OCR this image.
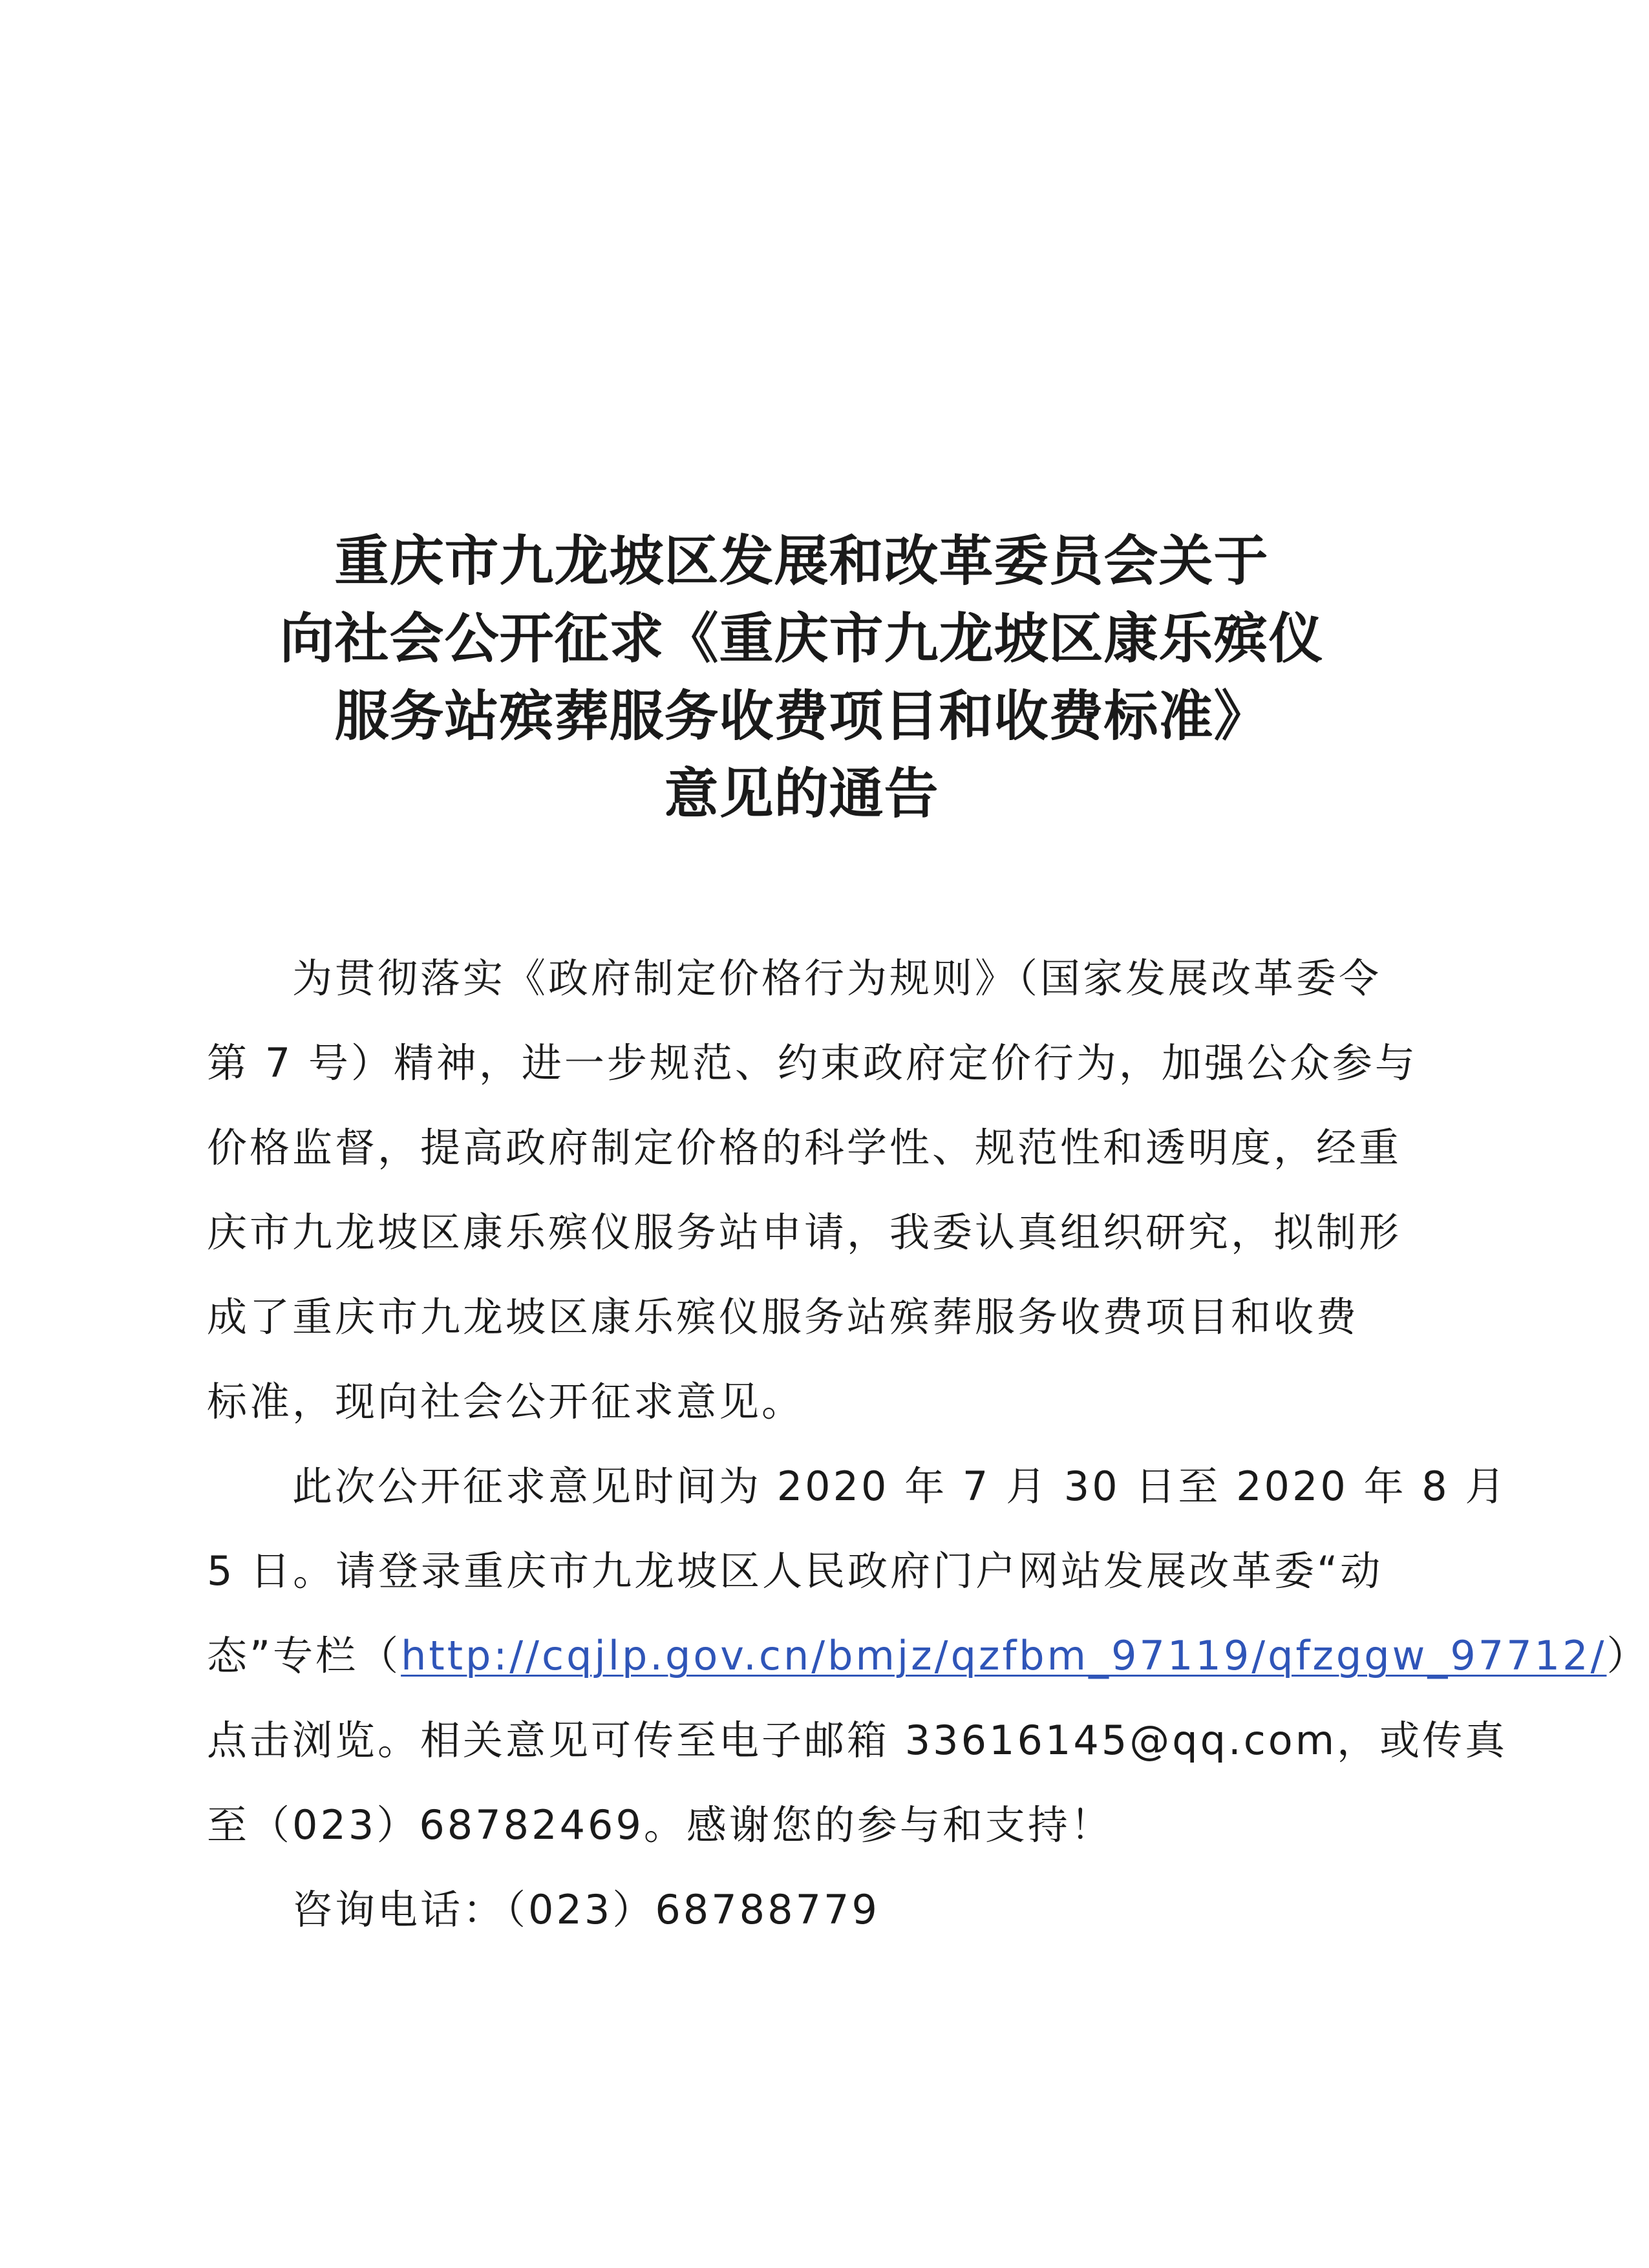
重庆市九龙坡区发展和改革委员会关于
向社会公开征求《重庆市九龙坡区康乐殡仪
服务站殡葬服务收费项目和收费标准》
意见的通告
为贯彻落实《政府制定价格行为规则》（国家发展改革委令
第 7 号）精神，进一步规范、约束政府定价行为，加强公众参与
价格监督，提高政府制定价格的科学性、规范性和透明度，经重
庆市九龙坡区康乐殡仪服务站申请，我委认真组织研究，拟制形
成了重庆市九龙坡区康乐殡仪服务站殡葬服务收费项目和收费
标准，现向社会公开征求意见。
此次公开征求意见时间为 2020 年 7 月 30 日至 2020 年 8 月
5 日。请登录重庆市九龙坡区人民政府门户网站发展改革委“动
态”专栏（http://cqjlp.gov.cn/bmjz/qzfbm_97119/qfzggw_97712/）
点击浏览。相关意见可传至电子邮箱 33616145@qq.com，或传真
至（023）68782469。感谢您的参与和支持！
咨询电话：（023）68788779
